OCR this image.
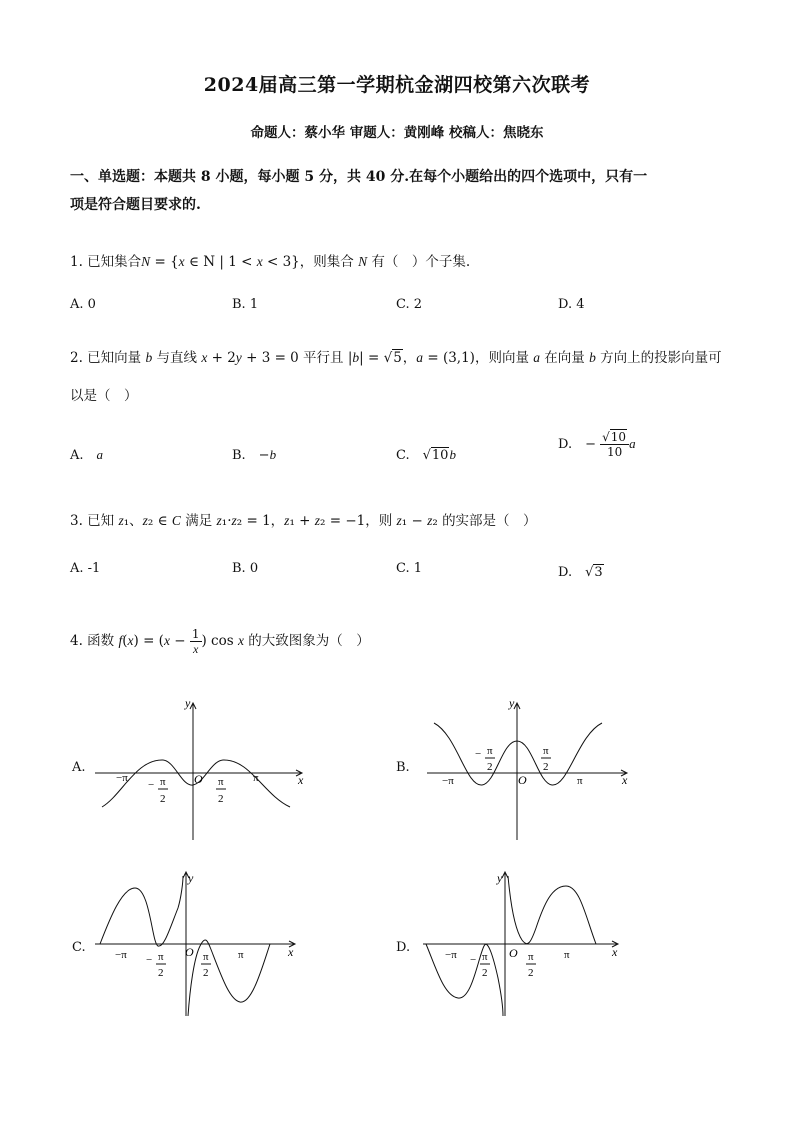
2024届高三第一学期杭金湖四校第六次联考
命题人：蔡小华 审题人：黄刚峰 校稿人：焦晓东
一、单选题：本题共 8 小题，每小题 5 分，共 40 分.在每个小题给出的四个选项中，只有一
项是符合题目要求的.
1. 已知集合N = {x ∈ N | 1 < x < 3}，则集合 N 有（　）个子集.
A. 0	B. 1	C. 2	D. 4
2. 已知向量 b 与直线 x + 2y + 3 = 0 平行且 |b| = √5，a = (3,1)，则向量 a 在向量 b 方向上的投影向量可
以是（　）
A.　a	B.　−b	C.　√10b
D.　− $\frac{√10}{10}$ a
3. 已知 z₁、z₂ ∈ C 满足 z₁·z₂ = 1，z₁ + z₂ = −1，则 z₁ − z₂ 的实部是（　）
A. -1	B. 0	C. 1	D.　√3
4. 函数 $f(x) = (x - \frac{1}{x}$ ) cos x 的大致图象为（　）
A.	B.
C.	D.
y
x
O
−π	π
− π
2
π
2
y
x
O
−π	π
− π
2
π
2
y
x
O
−π	π
− π
2
π
2
y
x
O
−π	π
− π
2
π
2
